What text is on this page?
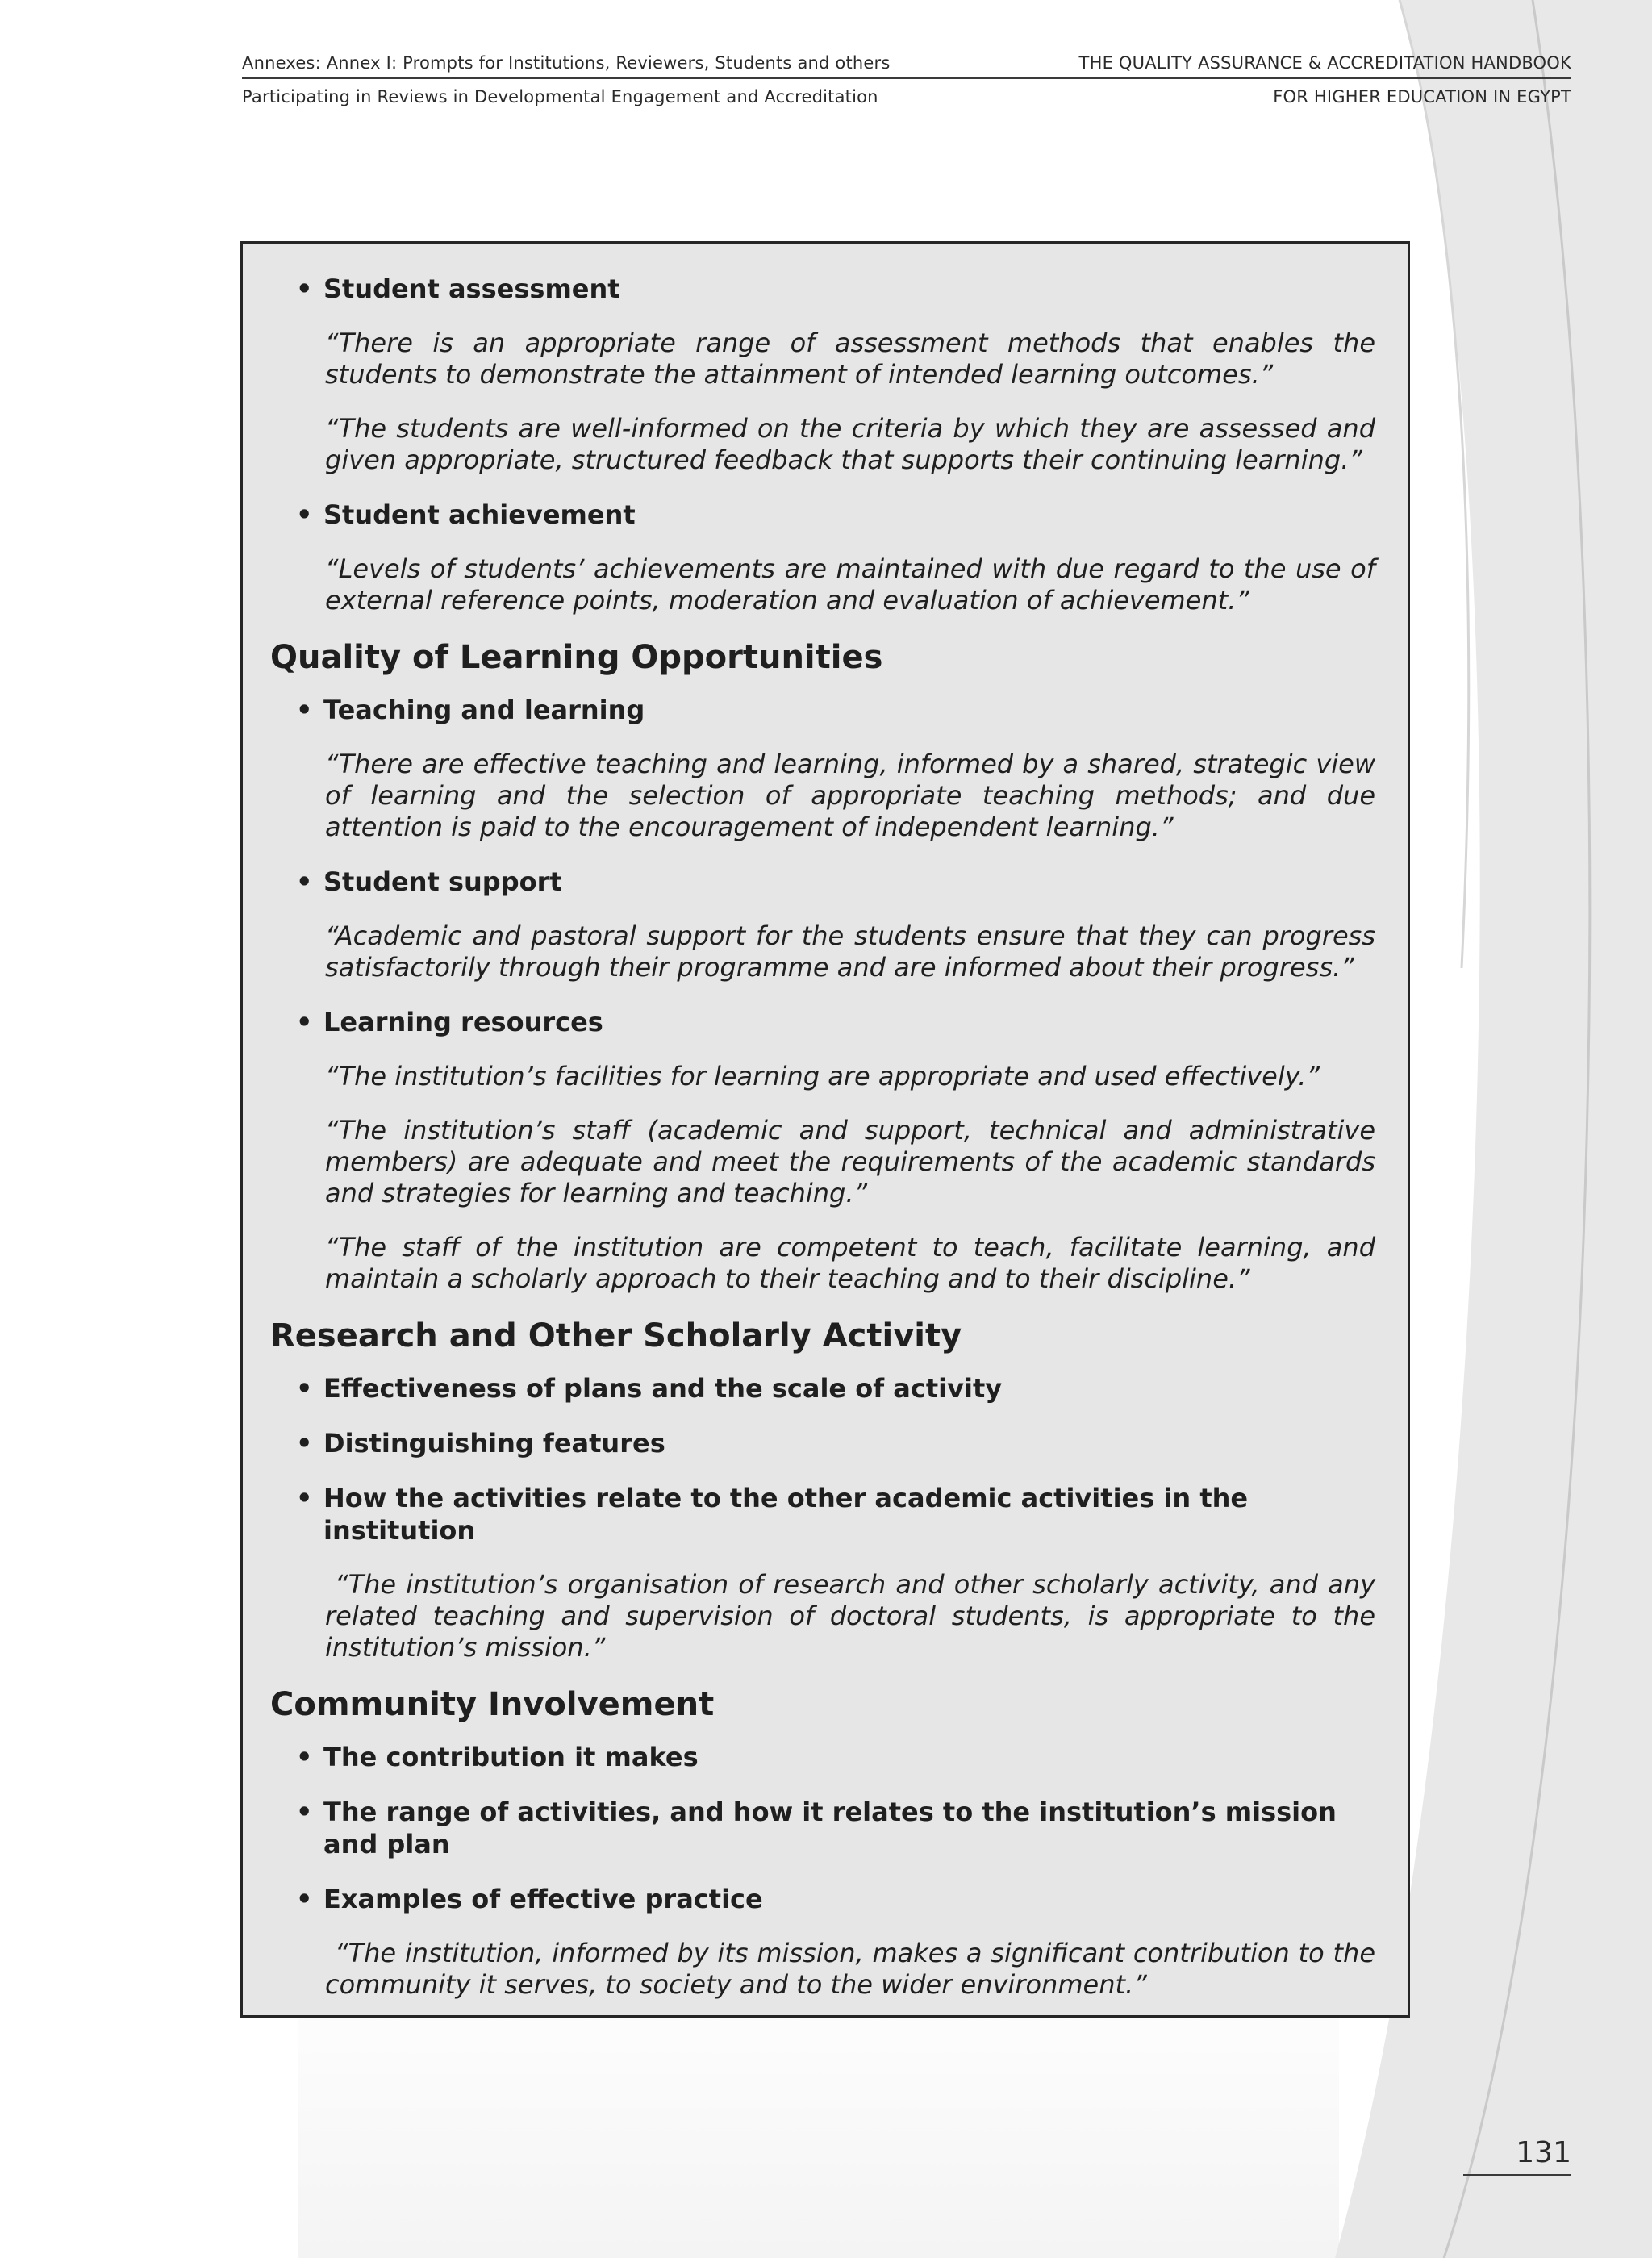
Annexes: Annex I: Prompts for Institutions, Reviewers, Students and others	THE QUALITY ASSURANCE & ACCREDITATION HANDBOOK
Participating in Reviews in Developmental Engagement and Accreditation	FOR HIGHER EDUCATION IN EGYPT
• Student assessment

“There is an appropriate range of assessment methods that enables the students to demonstrate the attainment of intended learning outcomes.”

“The students are well-informed on the criteria by which they are assessed and given appropriate, structured feedback that supports their continuing learning.”

• Student achievement

“Levels of students’ achievements are maintained with due regard to the use of external reference points, moderation and evaluation of achievement.”

Quality of Learning Opportunities
• Teaching and learning

“There are effective teaching and learning, informed by a shared, strategic view of learning and the selection of appropriate teaching methods; and due attention is paid to the encouragement of independent learning.”

• Student support

“Academic and pastoral support for the students ensure that they can progress satisfactorily through their programme and are informed about their progress.”

• Learning resources

“The institution’s facilities for learning are appropriate and used effectively.”

“The institution’s staff (academic and support, technical and administrative members) are adequate and meet the requirements of the academic standards and strategies for learning and teaching.”

“The staff of the institution are competent to teach, facilitate learning, and maintain a scholarly approach to their teaching and to their discipline.”

Research and Other Scholarly Activity
• Effectiveness of plans and the scale of activity
• Distinguishing features
• How the activities relate to the other academic activities in the institution

“The institution’s organisation of research and other scholarly activity, and any related teaching and supervision of doctoral students, is appropriate to the institution’s mission.”

Community Involvement
• The contribution it makes
• The range of activities, and how it relates to the institution’s mission and plan
• Examples of effective practice

“The institution, informed by its mission, makes a significant contribution to the community it serves, to society and to the wider environment.”

131
